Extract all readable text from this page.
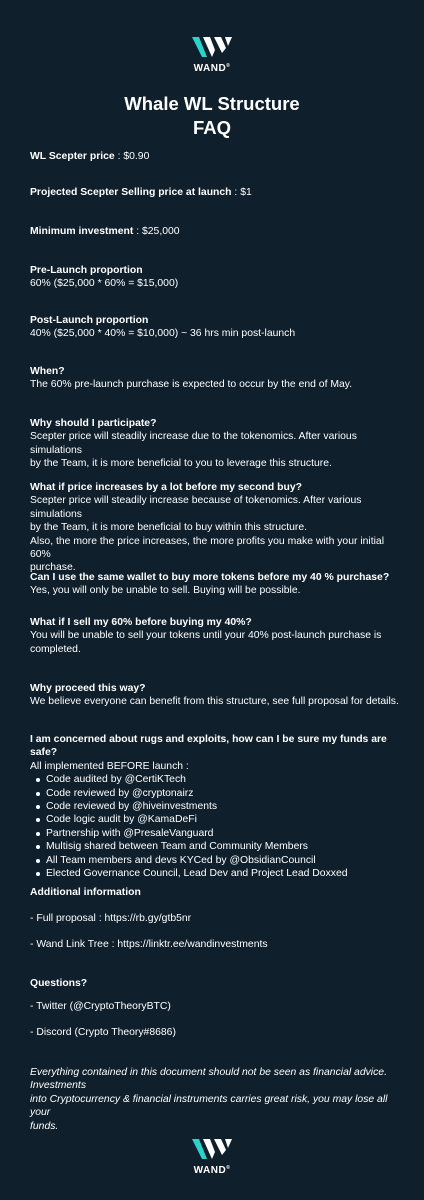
WAND®
Whale WL Structure
FAQ
WL Scepter price : $0.90
Projected Scepter Selling price at launch : $1
Minimum investment : $25,000
Pre-Launch proportion
60% ($25,000 * 60% = $15,000)
Post-Launch proportion
40% ($25,000 * 40% = $10,000) ~ 36 hrs min post-launch
When?
The 60% pre-launch purchase is expected to occur by the end of May.
Why should I participate?
Scepter price will steadily increase due to the tokenomics. After various simulations
by the Team, it is more beneficial to you to leverage this structure.
What if price increases by a lot before my second buy?
Scepter price will steadily increase because of tokenomics. After various simulations
by the Team, it is more beneficial to buy within this structure.
Also, the more the price increases, the more profits you make with your initial 60%
purchase.
Can I use the same wallet to buy more tokens before my 40 % purchase?
Yes, you will only be unable to sell. Buying will be possible.
What if I sell my 60% before buying my 40%?
You will be unable to sell your tokens until your 40% post-launch purchase is
completed.
Why proceed this way?
We believe everyone can benefit from this structure, see full proposal for details.
I am concerned about rugs and exploits, how can I be sure my funds are safe?
All implemented BEFORE launch :
Code audited by @CertiKTech
Code reviewed by @cryptonairz
Code reviewed by @hiveinvestments
Code logic audit by @KamaDeFi
Partnership with @PresaleVanguard
Multisig shared between Team and Community Members
All Team members and devs KYCed by @ObsidianCouncil
Elected Governance Council, Lead Dev and Project Lead Doxxed
Additional information
- Full proposal : https://rb.gy/gtb5nr
- Wand Link Tree : https://linktr.ee/wandinvestments
Questions?
- Twitter (@CryptoTheoryBTC)
- Discord (Crypto Theory#8686)
Everything contained in this document should not be seen as financial advice. Investments
into Cryptocurrency & financial instruments carries great risk, you may lose all your
funds.
WAND®
